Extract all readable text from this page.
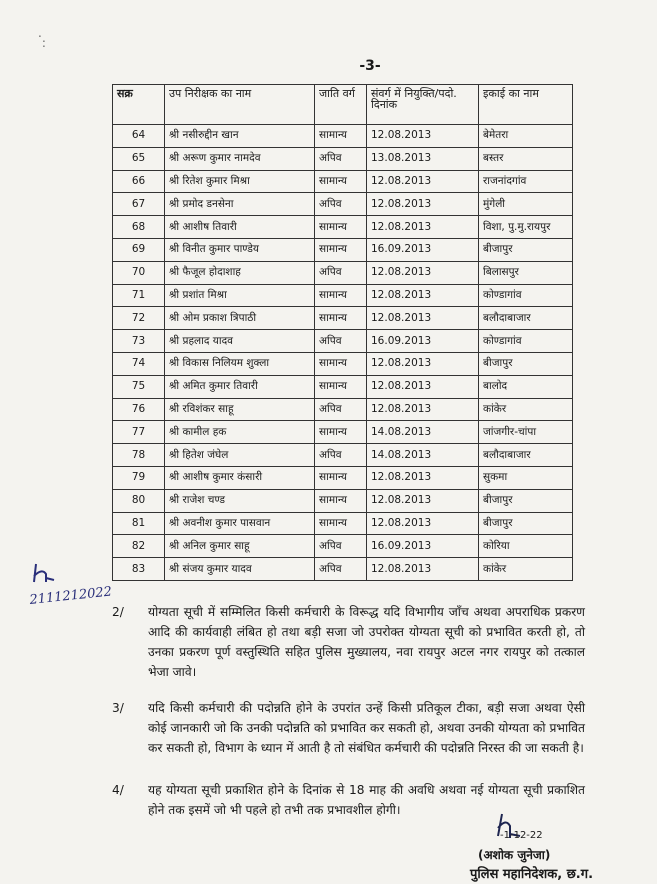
.
:
-3-
सक्र	उप निरीक्षक का नाम	जाति वर्ग	संवर्ग में नियुक्ति/पदो. दिनांक	इकाई का नाम
64	श्री नसीरुद्दीन खान	सामान्य	12.08.2013	बेमेतरा
65	श्री अरूण कुमार नामदेव	अपिव	13.08.2013	बस्तर
66	श्री रितेश कुमार मिश्रा	सामान्य	12.08.2013	राजनांदगांव
67	श्री प्रमोद डनसेना	अपिव	12.08.2013	मुंगेली
68	श्री आशीष तिवारी	सामान्य	12.08.2013	विशा, पु.मु.रायपुर
69	श्री विनीत कुमार पाण्डेय	सामान्य	16.09.2013	बीजापुर
70	श्री फैजूल होदाशाह	अपिव	12.08.2013	बिलासपुर
71	श्री प्रशांत मिश्रा	सामान्य	12.08.2013	कोण्डागांव
72	श्री ओम प्रकाश त्रिपाठी	सामान्य	12.08.2013	बलौदाबाजार
73	श्री प्रहलाद यादव	अपिव	16.09.2013	कोण्डागांव
74	श्री विकास निलियम शुक्ला	सामान्य	12.08.2013	बीजापुर
75	श्री अमित कुमार तिवारी	सामान्य	12.08.2013	बालोद
76	श्री रविशंकर साहू	अपिव	12.08.2013	कांकेर
77	श्री कामील हक	सामान्य	14.08.2013	जांजगीर-चांपा
78	श्री हितेश जंघेल	अपिव	14.08.2013	बलौदाबाजार
79	श्री आशीष कुमार कंसारी	सामान्य	12.08.2013	सुकमा
80	श्री राजेश चण्ड	सामान्य	12.08.2013	बीजापुर
81	श्री अवनीश कुमार पासवान	सामान्य	12.08.2013	बीजापुर
82	श्री अनिल कुमार साहू	अपिव	16.09.2013	कोरिया
83	श्री संजय कुमार यादव	अपिव	12.08.2013	कांकेर
2111212022
2/	योग्यता सूची में सम्मिलित किसी कर्मचारी के विरूद्ध यदि विभागीय जाँच अथवा अपराधिक प्रकरण आदि की कार्यवाही लंबित हो तथा बड़ी सजा जो उपरोक्त योग्यता सूची को प्रभावित करती हो, तो उनका प्रकरण पूर्ण वस्तुस्थिति सहित पुलिस मुख्यालय, नवा रायपुर अटल नगर रायपुर को तत्काल भेजा जावे।
3/	यदि किसी कर्मचारी की पदोन्नति होने के उपरांत उन्हें किसी प्रतिकूल टीका, बड़ी सजा अथवा ऐसी कोई जानकारी जो कि उनकी पदोन्नति को प्रभावित कर सकती हो, अथवा उनकी योग्यता को प्रभावित कर सकती हो, विभाग के ध्यान में आती है तो संबंधित कर्मचारी की पदोन्नति निरस्त की जा सकती है।
4/	यह योग्यता सूची प्रकाशित होने के दिनांक से 18 माह की अवधि अथवा नई योग्यता सूची प्रकाशित होने तक इसमें जो भी पहले हो तभी तक प्रभावशील होगी।
-1-12-22
(अशोक जुनेजा)
पुलिस महानिदेशक, छ.ग.
